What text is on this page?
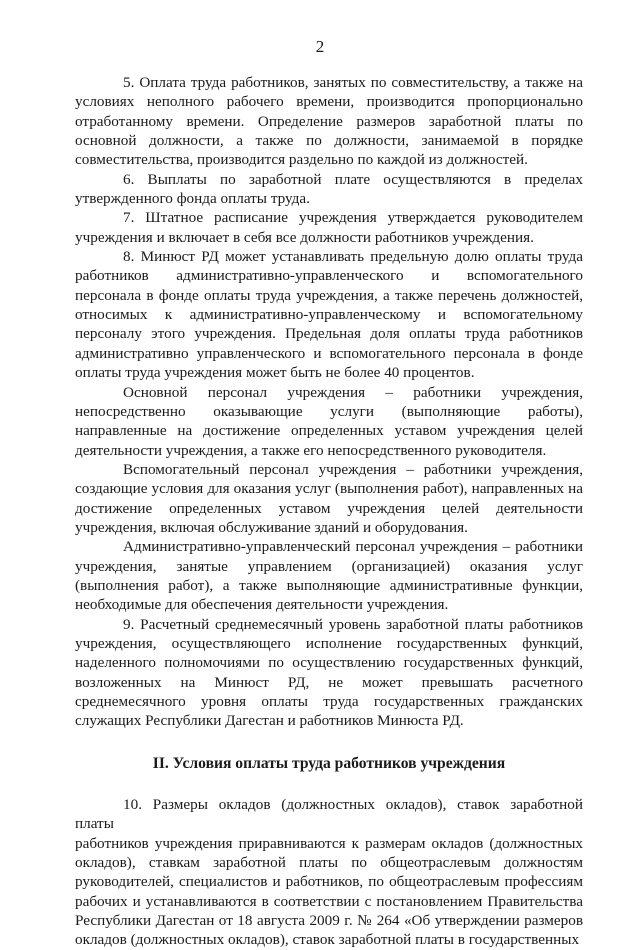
2
5. Оплата труда работников, занятых по совместительству, а также на
условиях неполного рабочего времени, производится пропорционально
отработанному времени. Определение размеров заработной платы по
основной должности, а также по должности, занимаемой в порядке
совместительства, производится раздельно по каждой из должностей.
6. Выплаты по заработной плате осуществляются в пределах
утвержденного фонда оплаты труда.
7. Штатное расписание учреждения утверждается руководителем
учреждения и включает в себя все должности работников учреждения.
8. Минюст РД может устанавливать предельную долю оплаты труда
работников административно-управленческого и вспомогательного
персонала в фонде оплаты труда учреждения, а также перечень должностей,
относимых к административно-управленческому и вспомогательному
персоналу этого учреждения. Предельная доля оплаты труда работников
административно управленческого и вспомогательного персонала в фонде
оплаты труда учреждения может быть не более 40 процентов.
Основной персонал учреждения – работники учреждения,
непосредственно оказывающие услуги (выполняющие работы),
направленные на достижение определенных уставом учреждения целей
деятельности учреждения, а также его непосредственного руководителя.
Вспомогательный персонал учреждения – работники учреждения,
создающие условия для оказания услуг (выполнения работ), направленных на
достижение определенных уставом учреждения целей деятельности
учреждения, включая обслуживание зданий и оборудования.
Административно-управленческий персонал учреждения – работники
учреждения, занятые управлением (организацией) оказания услуг
(выполнения работ), а также выполняющие административные функции,
необходимые для обеспечения деятельности учреждения.
9. Расчетный среднемесячный уровень заработной платы работников
учреждения, осуществляющего исполнение государственных функций,
наделенного полномочиями по осуществлению государственных функций,
возложенных на Минюст РД, не может превышать расчетного
среднемесячного уровня оплаты труда государственных гражданских
служащих Республики Дагестан и работников Минюста РД.
II. Условия оплаты труда работников учреждения
10. Размеры окладов (должностных окладов), ставок заработной платы
работников учреждения приравниваются к размерам окладов (должностных
окладов), ставкам заработной платы по общеотраслевым должностям
руководителей, специалистов и работников, по общеотраслевым профессиям
рабочих и устанавливаются в соответствии с постановлением Правительства
Республики Дагестан от 18 августа 2009 г. № 264 «Об утверждении размеров
окладов (должностных окладов), ставок заработной платы в государственных
